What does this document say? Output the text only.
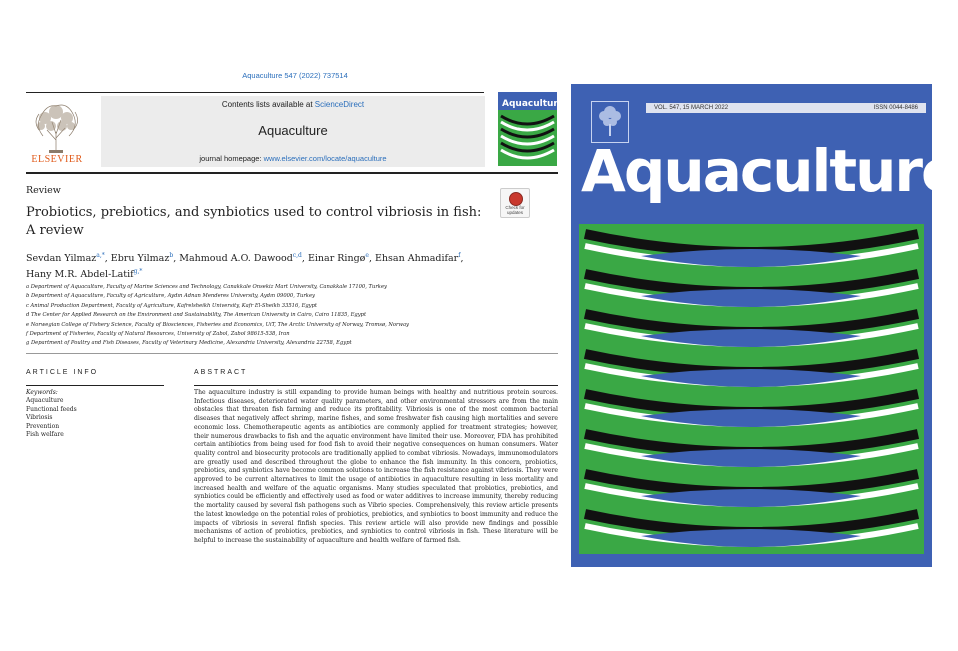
Aquaculture 547 (2022) 737514
ELSEVIER
Contents lists available at ScienceDirect
Aquaculture
journal homepage: www.elsevier.com/locate/aquaculture
Aquaculture
Review
Probiotics, prebiotics, and synbiotics used to control vibriosis in fish:
A review
Check for updates
Sevdan Yilmaz$^{a,*}$, Ebru Yilmaz$^b$, Mahmoud A.O. Dawood$^{c,d}$, Einar Ringø$^e$, Ehsan Ahmadifar$^f$,
Hany M.R. Abdel-Latif$^{g,*}$
a Department of Aquaculture, Faculty of Marine Sciences and Technology, Canakkale Onsekiz Mart University, Canakkale 17100, Turkey
b Department of Aquaculture, Faculty of Agriculture, Aydın Adnan Menderes University, Aydın 09000, Turkey
c Animal Production Department, Faculty of Agriculture, Kafrelsheikh University, Kafr El-Sheikh 33516, Egypt
d The Center for Applied Research on the Environment and Sustainability, The American University in Cairo, Cairo 11835, Egypt
e Norwegian College of Fishery Science, Faculty of Biosciences, Fisheries and Economics, UiT, The Arctic University of Norway, Tromsø, Norway
f Department of Fisheries, Faculty of Natural Resources, University of Zabol, Zabol 98615-538, Iran
g Department of Poultry and Fish Diseases, Faculty of Veterinary Medicine, Alexandria University, Alexandria 22758, Egypt
ARTICLE INFO
Keywords:
Aquaculture
Functional feeds
Vibriosis
Prevention
Fish welfare
ABSTRACT
The aquaculture industry is still expanding to provide human beings with healthy and nutritious protein sources. Infectious diseases, deteriorated water quality parameters, and other environmental stressors are from the main obstacles that threaten fish farming and reduce its profitability. Vibriosis is one of the most common bacterial diseases that negatively affect shrimp, marine fishes, and some freshwater fish causing high mortalities and severe economic loss. Chemotherapeutic agents as antibiotics are commonly applied for treatment strategies; however, their numerous drawbacks to fish and the aquatic environment have limited their use. Moreover, FDA has prohibited certain antibiotics from being used for food fish to avoid their negative consequences on human consumers. Water quality control and biosecurity protocols are traditionally applied to combat vibriosis. Nowadays, immunomodulators are greatly used and described throughout the globe to enhance the fish immunity. In this concern, probiotics, prebiotics, and synbiotics have become common solutions to increase the fish resistance against vibriosis. They were approved to be current alternatives to limit the usage of antibiotics in aquaculture resulting in less mortality and increased health and welfare of the aquatic organisms. Many studies speculated that probiotics, prebiotics, and synbiotics could be efficiently and effectively used as food or water additives to increase immunity, thereby reducing the mortality caused by several fish pathogens such as Vibrio species. Comprehensively, this review article presents the latest knowledge on the potential roles of probiotics, prebiotics, and synbiotics to boost immunity and reduce the impacts of vibriosis in several finfish species. This review article will also provide new findings and possible mechanisms of action of probiotics, prebiotics, and synbiotics to control vibriosis in fish. These literature will be helpful to increase the sustainability of aquaculture and health welfare of farmed fish.
VOL. 547, 15 MARCH 2022	ISSN 0044-8486
Aquaculture
